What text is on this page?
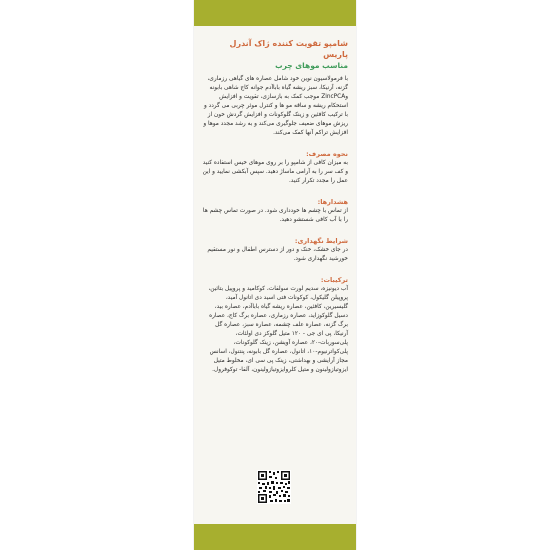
شامپو تقویت کننده ژاک آندرل پاریس
مناسب موهای چرب
با فرمولاسیون نوین خود شامل عصاره های گیاهی رزماری، گزنه، آرنیکا، سبز ریشه گیاه باباآدم جوانه کاج شاهی بابونه وZincPCA موجب کمک به بازسازی، تقویت و افزایش استحکام ریشه و ساقه مو ها و کنترل موثر چربی می گردد و با ترکیب کافئین و زینک گلوکونات و افزایش گردش خون از ریزش موهای ضعیف جلوگیری می‌کند و به رشد مجدد موها و افزایش تراکم آنها کمک می‌کند.
نحوه مصرف:
به میزان کافی از شامپو را بر روی موهای خیس استفاده کنید و کف سر را به آرامی ماساژ دهید. سپس آبکشی نمایید و این عمل را مجدد تکرار کنید.
هشدارها:
از تماس با چشم ها خودداری شود. در صورت تماس چشم ها را با آب کافی شستشو دهید.
شرایط نگهداری:
در جای خشک، خنک و دور از دسترس اطفال و نور مستقیم خورشید نگهداری شود.
ترکیبات:
آب دیونیزه، سدیم لورت سولفات، کوکامید و پروپیل بتائین، پروپیلن گلیکول، کوکونات فتی اسید دی اتانول آمید، گلیسیرین، کافئین، عصاره ریشه گیاه باباآدم، عصاره بید، دسیل گلوکوزاید، عصاره رزماری، عصاره برگ کاج، عصاره برگ گزنه، عصاره علف چشمه، عصاره سبز، عصاره گل آرنیکا، پی ای جی - ۱۲۰ متیل گلوکز دی اولئات، پلی‌سوربات-۲۰، عصاره آویشن، زینک گلوکونات، پلی‌کواترنیوم-۱۰، اتانول، عصاره گل بابونه، پنتنول، اسانس مجاز آرایشی و بهداشتی، زینک پی سی ای، مخلوط متیل ایزوتیازولینون و متیل کلروایزوتیازولینون، آلفا- توکوفرول.
